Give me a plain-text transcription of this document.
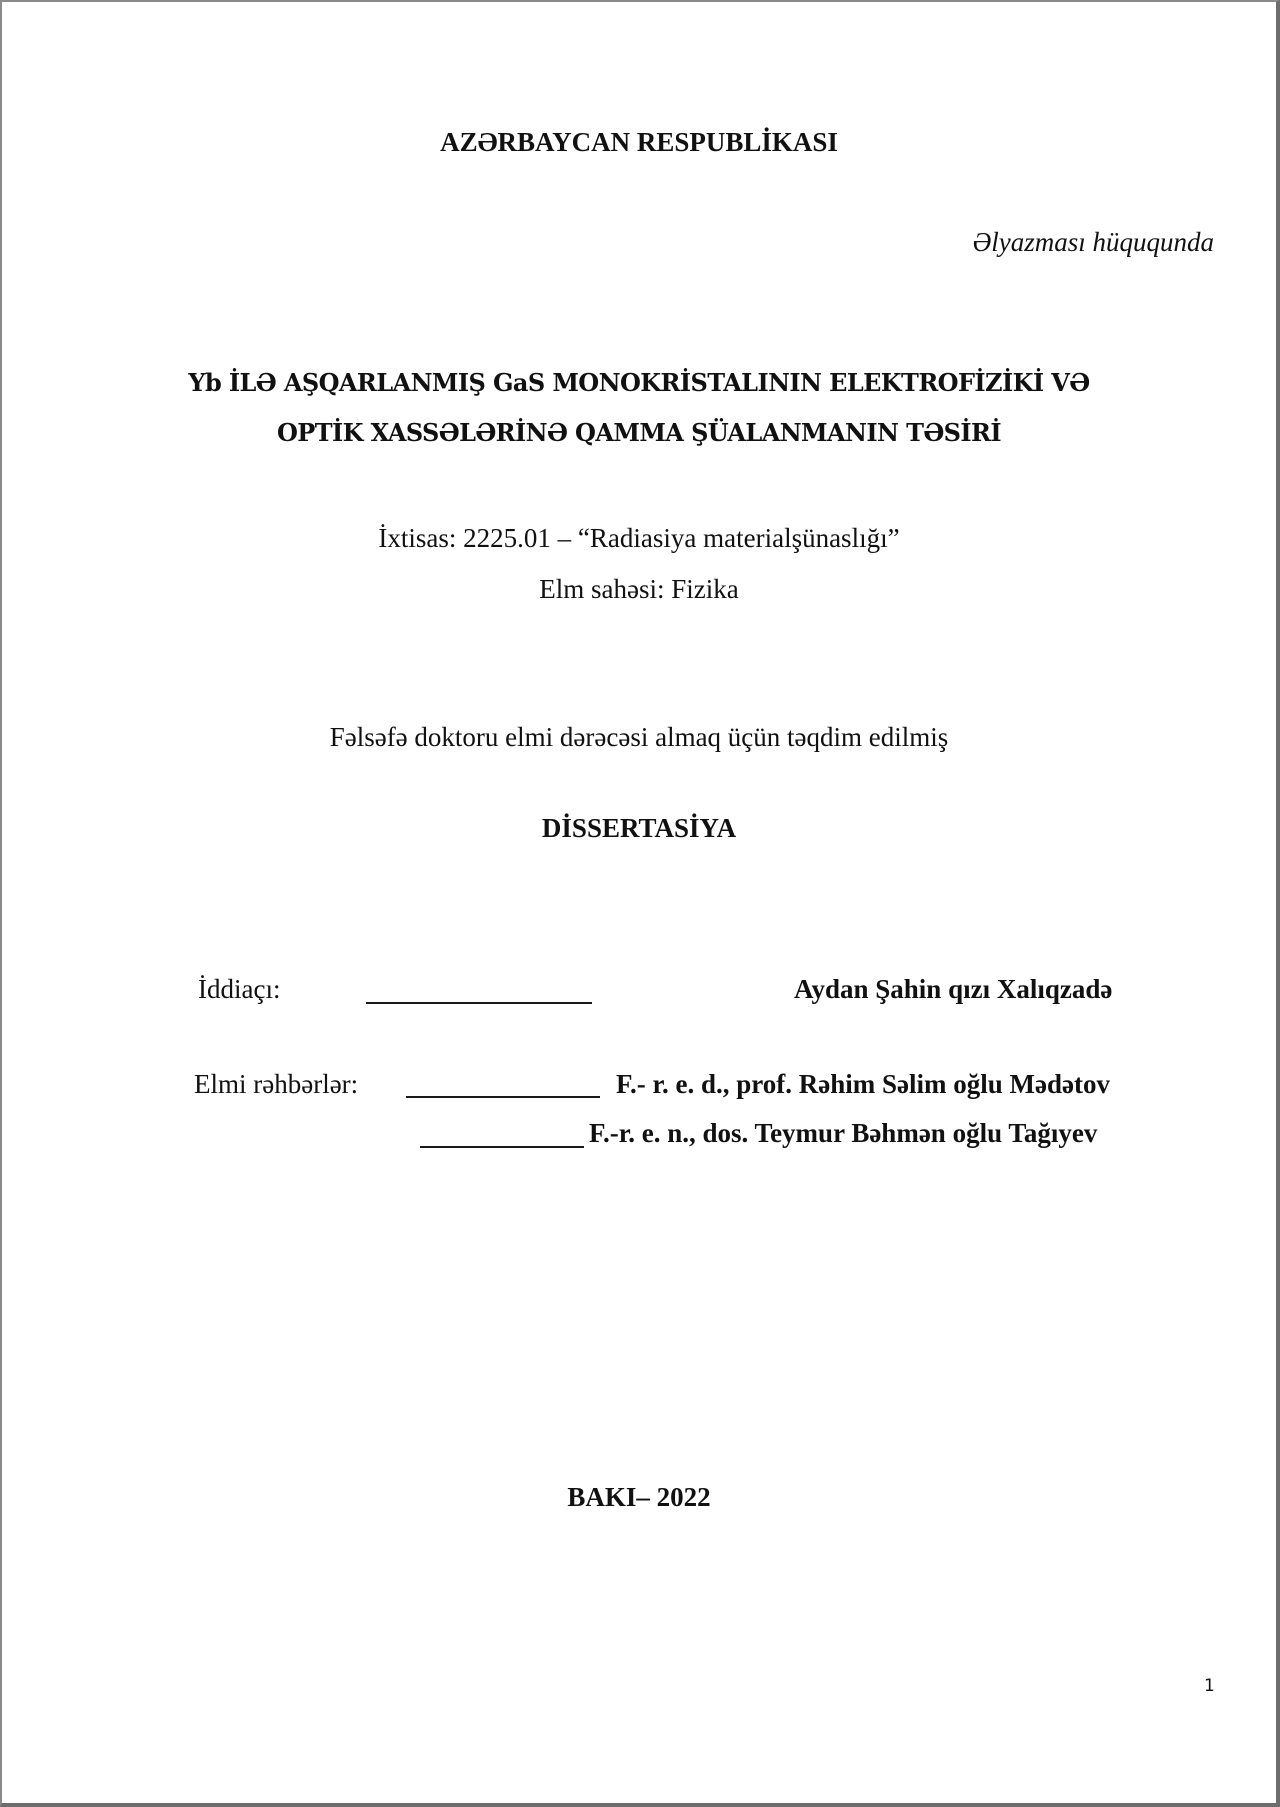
AZƏRBAYCAN RESPUBLİKASI
Əlyazması hüququnda
Yb İLƏ AŞQARLANMIŞ GaS MONOKRİSTALININ ELEKTROFİZİKİ VƏ
OPTİK XASSƏLƏRİNƏ QAMMA ŞÜALANMANIN TƏSİRİ
İxtisas: 2225.01 – “Radiasiya materialşünaslığı”
Elm sahəsi: Fizika
Fəlsəfə doktoru elmi dərəcəsi almaq üçün təqdim edilmiş
DİSSERTASİYA
İddiaçı:	Aydan Şahin qızı Xalıqzadə
Elmi rəhbərlər:	F.- r. e. d., prof. Rəhim Səlim oğlu Mədətov
F.-r. e. n., dos. Teymur Bəhmən oğlu Tağıyev
BAKI– 2022
1
